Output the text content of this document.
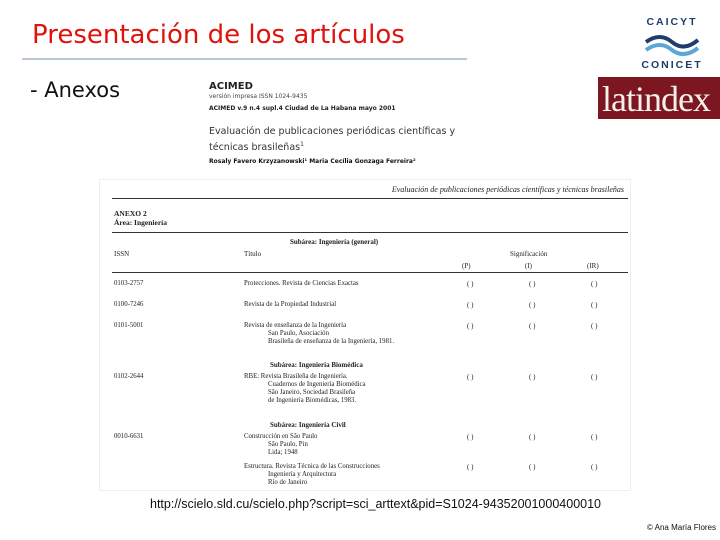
Presentación de los artículos
- Anexos
CAICYT
CONICET
latindex
ACIMED
versión impresa ISSN 1024-9435
ACIMED v.9 n.4 supl.4 Ciudad de La Habana mayo 2001
Evaluación de publicaciones periódicas científicas y
técnicas brasileñas$^1$
Rosaly Favero Krzyzanowski¹ Maria Cecília Gonzaga Ferreira²
Evaluación de publicaciones periódicas científicas y técnicas brasileñas
ANEXO 2
Área: Ingeniería
Subárea: Ingeniería (general)
ISSN	Título	Significación
(P)	(I)	(IR)
0103-2757	Protecciones. Revista de Ciencias Exactas	( )	( )	( )
0100-7246	Revista de la Propiedad Industrial	( )	( )	( )
0101-5001	Revista de enseñanza de la Ingeniería
San Paulo, Asociación
Brasileña de enseñanza de la Ingeniería, 1981.
( )	( )	( )
Subárea: Ingeniería Biomédica
0102-2644	RBE: Revista Brasileña de Ingeniería.
Cuadernos de Ingeniería Biomédica
São Janeiro, Sociedad Brasileña
de Ingeniería Biomédicas, 1983.
( )	( )	( )
Subárea: Ingeniería Civil
0010-6631	Construcción en São Paulo
São Paulo, Pin
Lida; 1948
( )	( )	( )
Estructura. Revista Técnica de las Construcciones
Ingeniería y Arquitectura
Río de Janeiro
( )	( )	( )
http://scielo.sld.cu/scielo.php?script=sci_arttext&pid=S1024-94352001000400010
© Ana María Flores
